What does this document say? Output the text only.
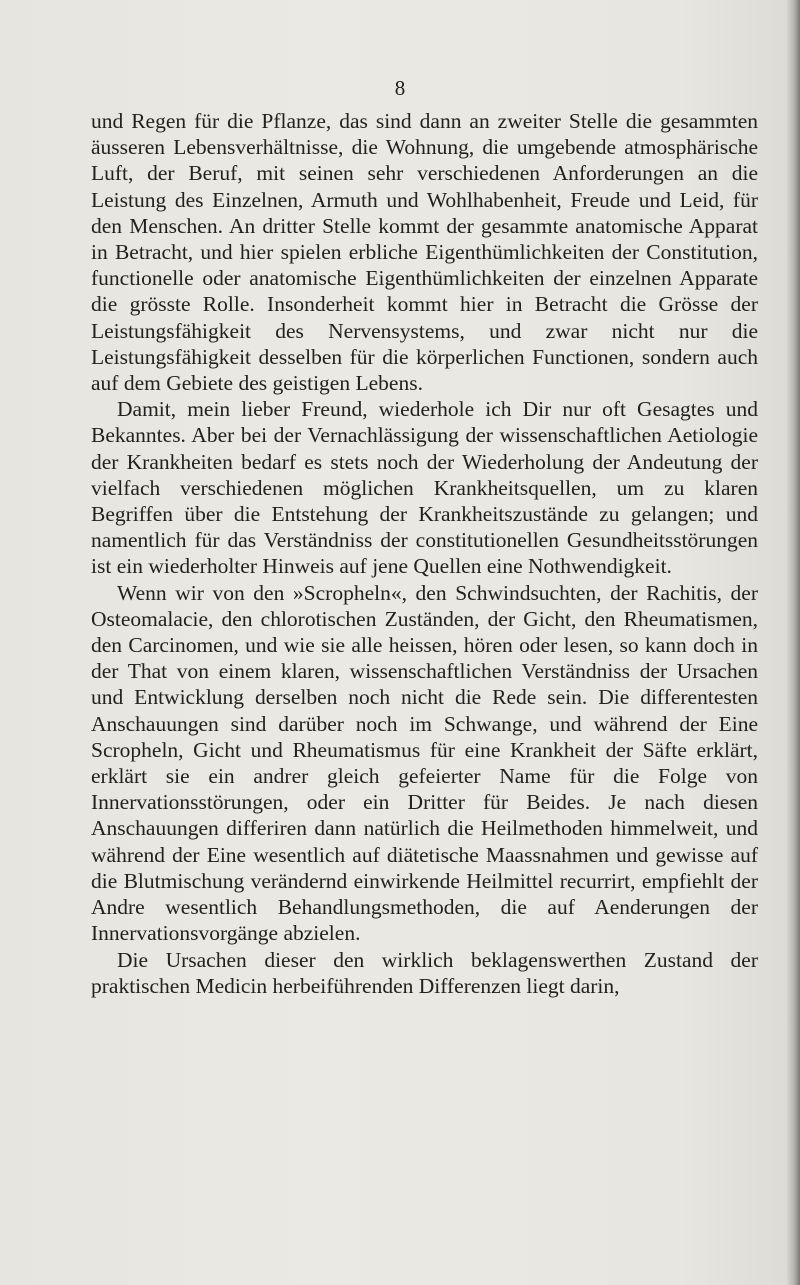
8

und Regen für die Pflanze, das sind dann an zweiter Stelle die gesammten äusseren Lebensverhältnisse, die Wohnung, die umgebende atmosphärische Luft, der Beruf, mit seinen sehr verschiedenen Anforderungen an die Leistung des Einzelnen, Armuth und Wohlhabenheit, Freude und Leid, für den Menschen. An dritter Stelle kommt der gesammte anatomische Apparat in Betracht, und hier spielen erbliche Eigenthümlichkeiten der Constitution, functionelle oder anatomische Eigenthümlichkeiten der einzelnen Apparate die grösste Rolle. Insonderheit kommt hier in Betracht die Grösse der Leistungsfähigkeit des Nervensystems, und zwar nicht nur die Leistungsfähigkeit desselben für die körperlichen Functionen, sondern auch auf dem Gebiete des geistigen Lebens.

Damit, mein lieber Freund, wiederhole ich Dir nur oft Gesagtes und Bekanntes. Aber bei der Vernachlässigung der wissenschaftlichen Aetiologie der Krankheiten bedarf es stets noch der Wiederholung der Andeutung der vielfach verschiedenen möglichen Krankheitsquellen, um zu klaren Begriffen über die Entstehung der Krankheitszustände zu gelangen; und namentlich für das Verständniss der constitutionellen Gesundheitsstörungen ist ein wiederholter Hinweis auf jene Quellen eine Nothwendigkeit.

Wenn wir von den »Scropheln«, den Schwindsuchten, der Rachitis, der Osteomalacie, den chlorotischen Zuständen, der Gicht, den Rheumatismen, den Carcinomen, und wie sie alle heissen, hören oder lesen, so kann doch in der That von einem klaren, wissenschaftlichen Verständniss der Ursachen und Entwicklung derselben noch nicht die Rede sein. Die differentesten Anschauungen sind darüber noch im Schwange, und während der Eine Scropheln, Gicht und Rheumatismus für eine Krankheit der Säfte erklärt, erklärt sie ein andrer gleich gefeierter Name für die Folge von Innervationsstörungen, oder ein Dritter für Beides. Je nach diesen Anschauungen differiren dann natürlich die Heilmethoden himmelweit, und während der Eine wesentlich auf diätetische Maassnahmen und gewisse auf die Blutmischung verändernd einwirkende Heilmittel recurrirt, empfiehlt der Andre wesentlich Behandlungsmethoden, die auf Aenderungen der Innervationsvorgänge abzielen.

Die Ursachen dieser den wirklich beklagenswerthen Zustand der praktischen Medicin herbeiführenden Differenzen liegt darin,
